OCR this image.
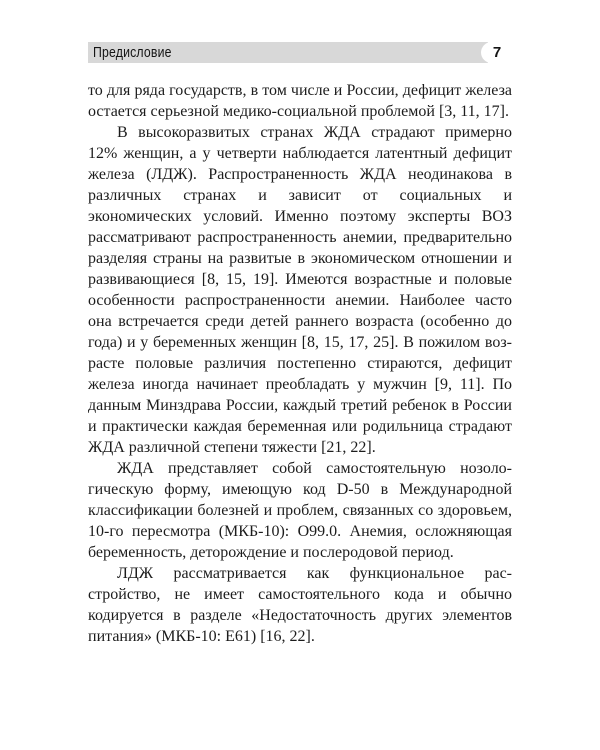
Предисловие	7

то для ряда государств, в том числе и России, дефицит железа остается серьезной медико-социальной проблемой [3, 11, 17].

В высокоразвитых странах ЖДА страдают примерно 12% женщин, а у четверти наблюдается латентный дефицит железа (ЛДЖ). Распространенность ЖДА неодинакова в различных странах и зависит от социальных и экономических условий. Именно поэтому эксперты ВОЗ рассматривают распространенность анемии, предварительно разделяя страны на развитые в экономическом отношении и развивающиеся [8, 15, 19]. Имеются возрастные и половые особенности распространенности анемии. Наиболее часто она встречается среди детей раннего возраста (особенно до года) и у беременных женщин [8, 15, 17, 25]. В пожилом возрасте половые различия постепенно стираются, дефицит железа иногда начинает преобладать у мужчин [9, 11]. По данным Минздрава России, каждый третий ребенок в России и практически каждая беременная или родильница страдают ЖДА различной степени тяжести [21, 22].

ЖДА представляет собой самостоятельную нозологическую форму, имеющую код D-50 в Международной классификации болезней и проблем, связанных со здоровьем, 10-го пересмотра (МКБ-10): О99.0. Анемия, осложняющая беременность, деторождение и послеродовой период.

ЛДЖ рассматривается как функциональное расстройство, не имеет самостоятельного кода и обычно кодируется в разделе «Недостаточность других элементов питания» (МКБ-10: Е61) [16, 22].
